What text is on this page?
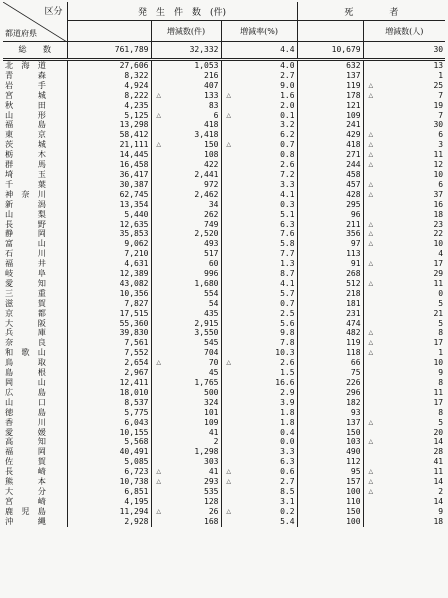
区分
都道府県	発　生　件　数　(件)					死　　　　者		
		増減数(件)		増減率(%)			増減数(人)	
総　　数	761,789		32,332		4.4	10,679		30
北　海　道	27,606		1,053		4.0	632		13
青　　　森	8,322		216		2.7	137		1
岩　　　手	4,924		407		9.0	119	△	25
宮　　　城	8,222	△	133	△	1.6	178	△	7
秋　　　田	4,235		83		2.0	121		19
山　　　形	5,125	△	6	△	0.1	109		7
福　　　島	13,298		418		3.2	241		30
東　　　京	58,412		3,418		6.2	429	△	6
茨　　　城	21,111	△	150	△	0.7	418	△	3
栃　　　木	14,445		108		0.8	271	△	11
群　　　馬	16,458		422		2.6	244	△	12
埼　　　玉	36,417		2,441		7.2	458		10
千　　　葉	30,387		972		3.3	457	△	6
神　奈　川	62,745		2,462		4.1	428	△	37
新　　　潟	13,354		34		0.3	295		16
山　　　梨	5,440		262		5.1	96		18
長　　　野	12,635		749		6.3	211	△	23
静　　　岡	35,853		2,520		7.6	356	△	22
富　　　山	9,062		493		5.8	97	△	10
石　　　川	7,210		517		7.7	113		4
福　　　井	4,631		60		1.3	91	△	17
岐　　　阜	12,389		996		8.7	268		29
愛　　　知	43,082		1,680		4.1	512	△	11
三　　　重	10,356		554		5.7	218		0
滋　　　賀	7,827		54		0.7	181		5
京　　　都	17,515		435		2.5	231		21
大　　　阪	55,360		2,915		5.6	474		5
兵　　　庫	39,830		3,550		9.8	482	△	8
奈　　　良	7,561		545		7.8	119	△	17
和　歌　山	7,552		704		10.3	118	△	1
鳥　　　取	2,654	△	70	△	2.6	66		10
島　　　根	2,967		45		1.5	75		9
岡　　　山	12,411		1,765		16.6	226		8
広　　　島	18,010		500		2.9	296		11
山　　　口	8,537		324		3.9	182		17
徳　　　島	5,775		101		1.8	93		8
香　　　川	6,043		109		1.8	137	△	5
愛　　　媛	10,155		41		0.4	150		20
高　　　知	5,568		2		0.0	103	△	14
福　　　岡	40,491		1,298		3.3	490		28
佐　　　賀	5,085		303		6.3	112		41
長　　　崎	6,723	△	41	△	0.6	95	△	11
熊　　　本	10,738	△	293	△	2.7	157	△	14
大　　　分	6,851		535		8.5	100	△	2
宮　　　崎	4,195		128		3.1	110		14
鹿　児　島	11,294	△	26	△	0.2	150		9
沖　　　縄	2,928		168		5.4	100		18
